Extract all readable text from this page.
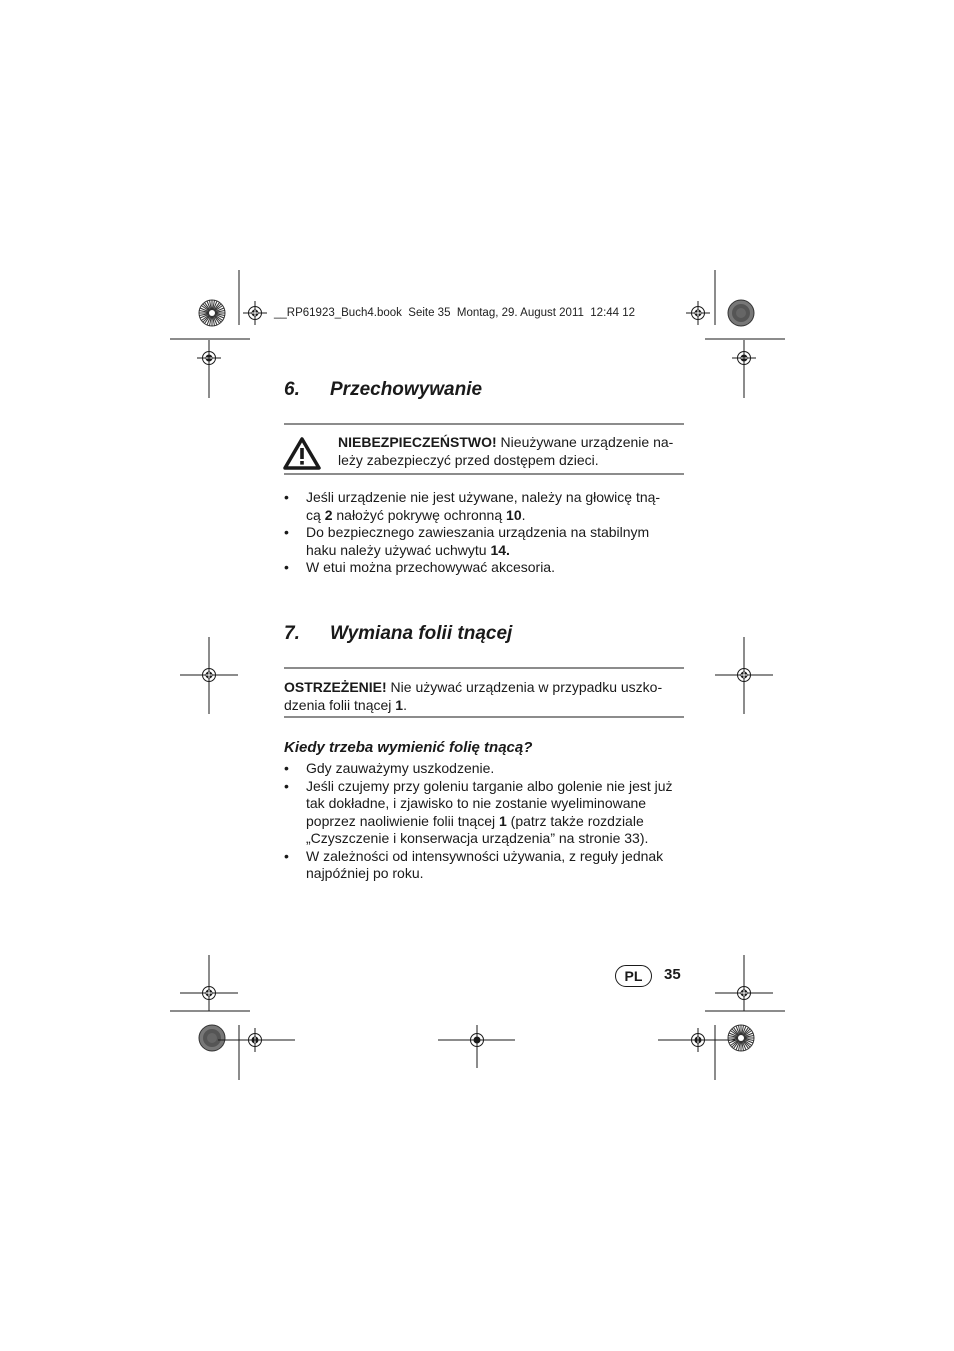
__RP61923_Buch4.book  Seite 35  Montag, 29. August 2011  12:44 12
6. Przechowywanie
NIEBEZPIECZEŃSTWO! Nieużywane urządzenie na-
leży zabezpieczyć przed dostępem dzieci.
• Jeśli urządzenie nie jest używane, należy na głowicę tną-
cą 2 nałożyć pokrywę ochronną 10.
• Do bezpiecznego zawieszania urządzenia na stabilnym
haku należy używać uchwytu 14.
• W etui można przechowywać akcesoria.
7. Wymiana folii tnącej
OSTRZEŻENIE! Nie używać urządzenia w przypadku uszko-
dzenia folii tnącej 1.
Kiedy trzeba wymienić folię tnącą?
• Gdy zauważymy uszkodzenie.
• Jeśli czujemy przy goleniu targanie albo golenie nie jest już
tak dokładne, i zjawisko to nie zostanie wyeliminowane
poprzez naoliwienie folii tnącej 1 (patrz także rozdziale
„Czyszczenie i konserwacja urządzenia” na stronie 33).
• W zależności od intensywności używania, z reguły jednak
najpóźniej po roku.
PL	35
